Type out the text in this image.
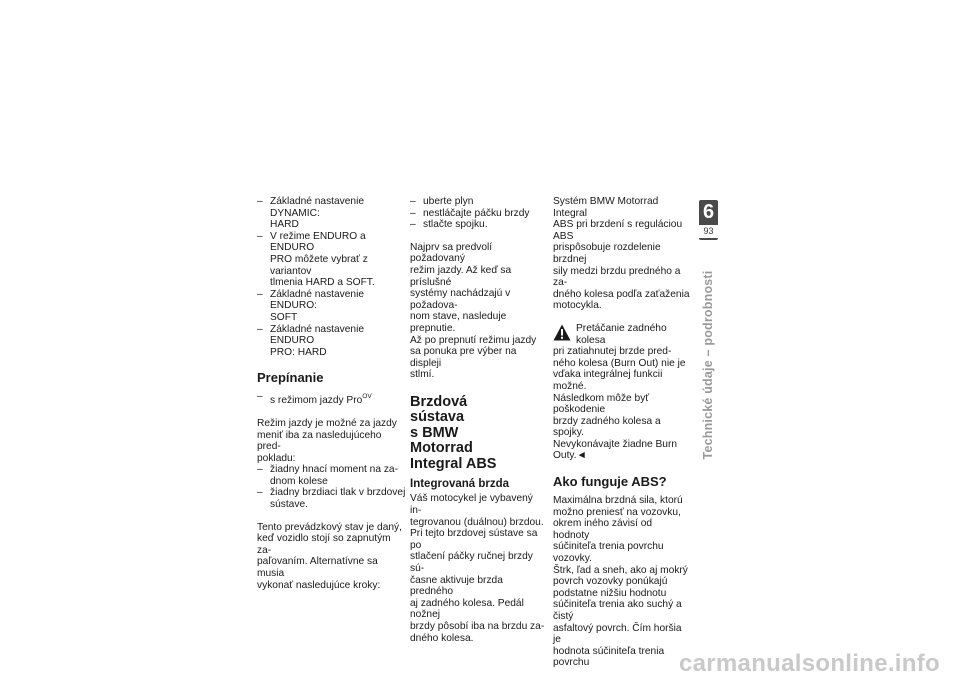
– Základné nastavenie DYNAMIC:
HARD
– V režime ENDURO a ENDURO
PRO môžete vybrať z variantov
tlmenia HARD a SOFT.
– Základné nastavenie ENDURO:
SOFT
– Základné nastavenie ENDURO
PRO: HARD
Prepínanie
– s režimom jazdy Pro$^{OV}$

Režim jazdy je možné za jazdy
meniť iba za nasledujúceho pred-
pokladu:

– žiadny hnací moment na za-
dnom kolese
– žiadny brzdiaci tlak v brzdovej
sústave.

Tento prevádzkový stav je daný,
keď vozidlo stojí so zapnutým za-
paľovaním. Alternatívne sa musia
vykonať nasledujúce kroky:

– uberte plyn
– nestláčajte páčku brzdy
– stlačte spojku.

Najprv sa predvolí požadovaný
režim jazdy. Až keď sa príslušné
systémy nachádzajú v požadova-
nom stave, nasleduje prepnutie.
Až po prepnutí režimu jazdy
sa ponuka pre výber na displeji
stlmí.

Brzdová sústava
s BMW Motorrad
Integral ABS
Integrovaná brzda

Váš motocykel je vybavený in-
tegrovanou (duálnou) brzdou.
Pri tejto brzdovej sústave sa po
stlačení páčky ručnej brzdy sú-
časne aktivuje brzda predného
aj zadného kolesa. Pedál nožnej
brzdy pôsobí iba na brzdu za-
dného kolesa.

Systém BMW Motorrad Integral
ABS pri brzdení s reguláciou ABS
prispôsobuje rozdelenie brzdnej
sily medzi brzdu predného a za-
dného kolesa podľa zaťaženia
motocykla.

Pretáčanie zadného kolesa
pri zatiahnutej brzde pred-
ného kolesa (Burn Out) nie je
vďaka integrálnej funkcii možné.
Následkom môže byť poškodenie
brzdy zadného kolesa a spojky.
Nevykonávajte žiadne Burn
Outy.◄

Ako funguje ABS?

Maximálna brzdná sila, ktorú
možno preniesť na vozovku,
okrem iného závisí od hodnoty
súčiniteľa trenia povrchu vozovky.
Štrk, ľad a sneh, ako aj mokrý
povrch vozovky ponúkajú
podstatne nižšiu hodnotu
súčiniteľa trenia ako suchý a čistý
asfaltový povrch. Čím horšia je
hodnota súčiniteľa trenia povrchu

6
93
Technické údaje – podrobnosti
carmanualsonline.info
